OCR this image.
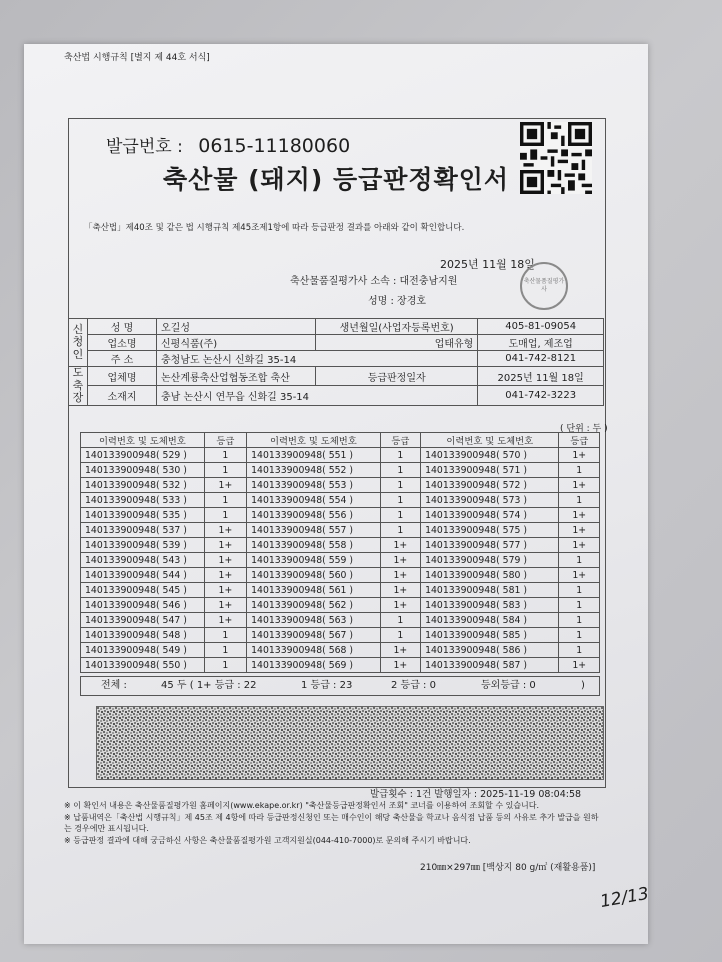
축산법 시행규칙 [별지 제 44호 서식]
발급번호 : 0615-11180060
축산물 (돼지) 등급판정확인서
「축산법」제40조 및 같은 법 시행규칙 제45조제1항에 따라 등급판정 결과를 아래와 같이 확인합니다.
2025년 11월 18일
축산물품질평가사 소속 : 대전충남지원
성명 : 장경호
축산물품질평가사
신청인	성 명	오길성	생년월일(사업자등록번호)	405-81-09054
	업소명	신평식품(주)	업태유형	도매업, 제조업
	주 소	충청남도 논산시 신화길 35-14		041-742-8121
도축장	업체명	논산계룡축산업협동조합 축산	등급판정일자	2025년 11월 18일
	소재지	충남 논산시 연무읍 신화길 35-14		041-742-3223
( 단위 : 두 )
이력번호 및 도체번호	등급	이력번호 및 도체번호	등급	이력번호 및 도체번호	등급
140133900948( 529 )	1	140133900948( 551 )	1	140133900948( 570 )	1+
140133900948( 530 )	1	140133900948( 552 )	1	140133900948( 571 )	1
140133900948( 532 )	1+	140133900948( 553 )	1	140133900948( 572 )	1+
140133900948( 533 )	1	140133900948( 554 )	1	140133900948( 573 )	1
140133900948( 535 )	1	140133900948( 556 )	1	140133900948( 574 )	1+
140133900948( 537 )	1+	140133900948( 557 )	1	140133900948( 575 )	1+
140133900948( 539 )	1+	140133900948( 558 )	1+	140133900948( 577 )	1+
140133900948( 543 )	1+	140133900948( 559 )	1+	140133900948( 579 )	1
140133900948( 544 )	1+	140133900948( 560 )	1+	140133900948( 580 )	1+
140133900948( 545 )	1+	140133900948( 561 )	1+	140133900948( 581 )	1
140133900948( 546 )	1+	140133900948( 562 )	1+	140133900948( 583 )	1
140133900948( 547 )	1+	140133900948( 563 )	1	140133900948( 584 )	1
140133900948( 548 )	1	140133900948( 567 )	1	140133900948( 585 )	1
140133900948( 549 )	1	140133900948( 568 )	1+	140133900948( 586 )	1
140133900948( 550 )	1	140133900948( 569 )	1+	140133900948( 587 )	1+
전체 :	45 두 ( 1+ 등급 : 22	1 등급 : 23	2 등급 : 0	등외등급 : 0	)
발급횟수 : 1건 발행일자 : 2025-11-19 08:04:58
※ 이 확인서 내용은 축산물품질평가원 홈페이지(www.ekape.or.kr) "축산물등급판정확인서 조회" 코너를 이용하여 조회할 수 있습니다.
※ 납품내역은「축산법 시행규칙」제 45조 제 4항에 따라 등급판정신청인 또는 매수인이 해당 축산물을 학교나 음식점 납품 등의 사유로 추가 발급을 원하는 경우에만 표시됩니다.
※ 등급판정 결과에 대해 궁금하신 사항은 축산물품질평가원 고객지원실(044-410-7000)로 문의해 주시기 바랍니다.
210㎜×297㎜ [백상지 80 g/㎡ (재활용품)]
12/13
